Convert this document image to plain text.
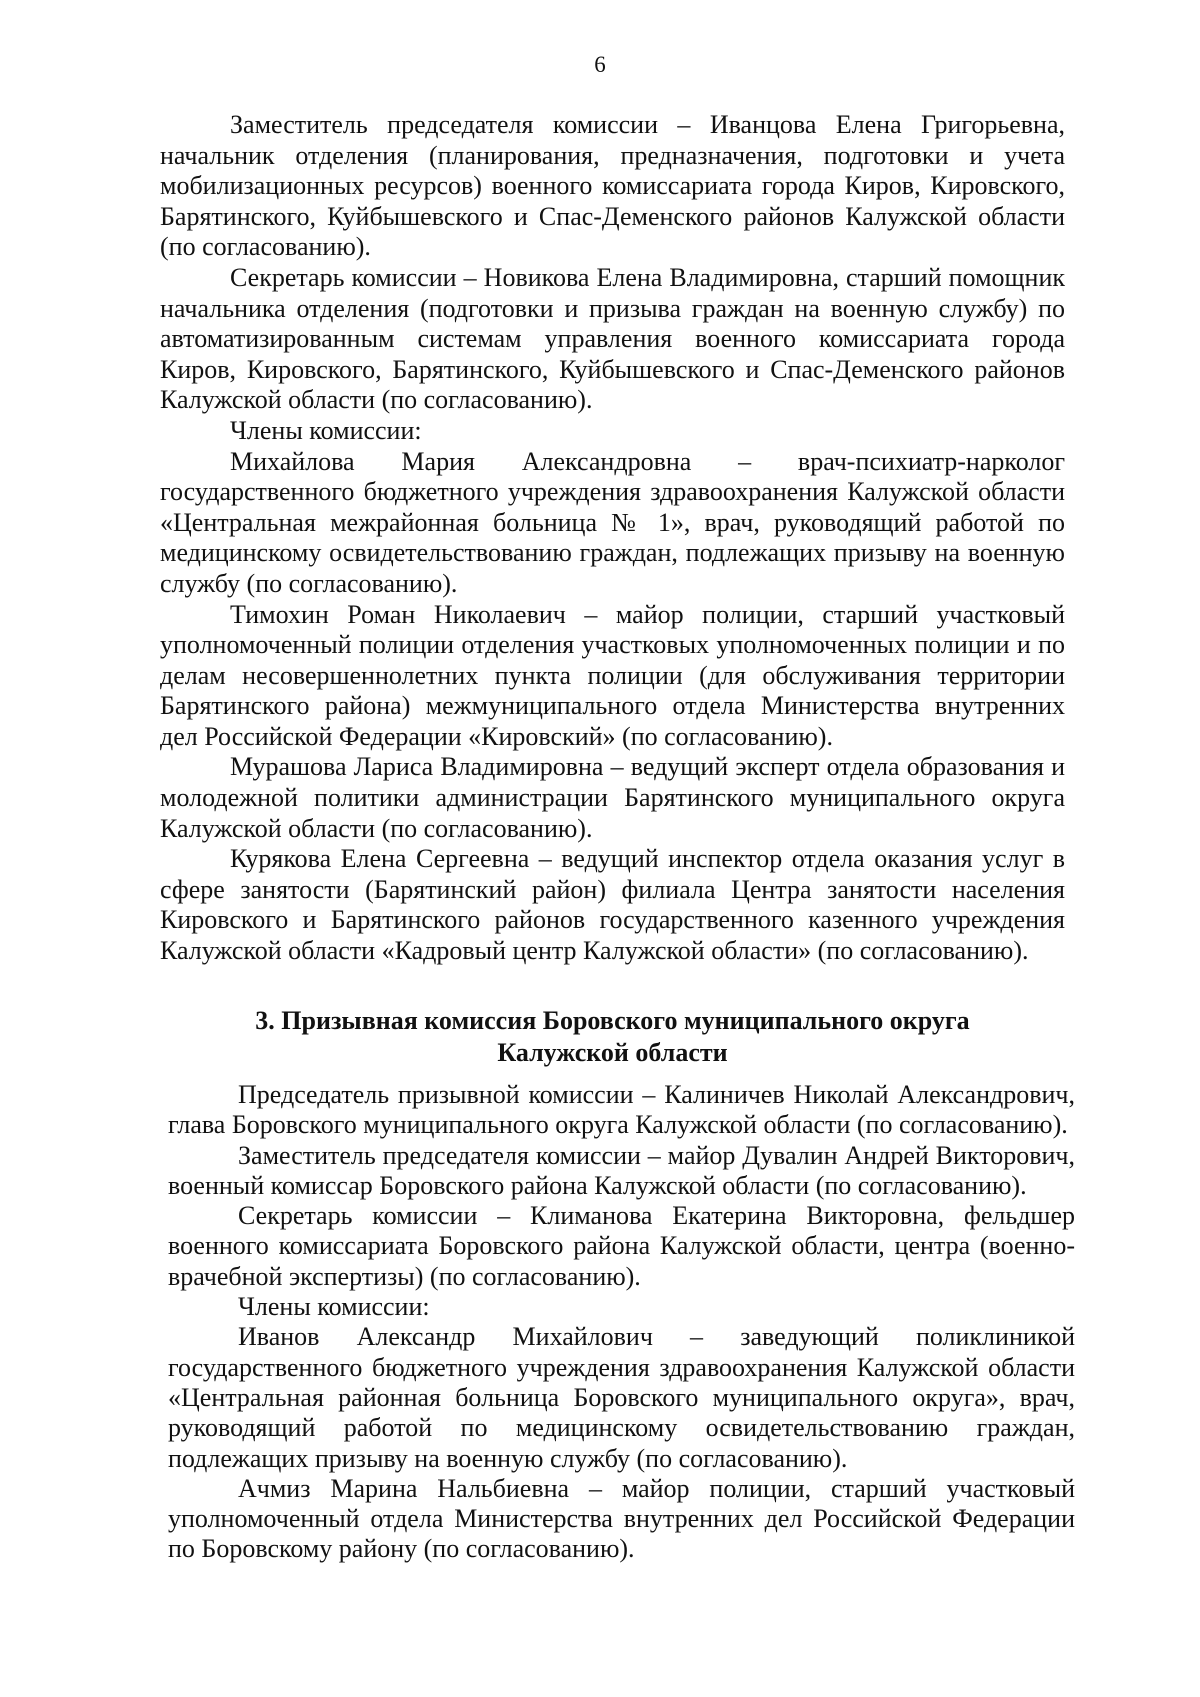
6

Заместитель председателя комиссии – Иванцова Елена Григорьевна, начальник отделения (планирования, предназначения, подготовки и учета мобилизационных ресурсов) военного комиссариата города Киров, Кировского, Барятинского, Куйбышевского и Спас-Деменского районов Калужской области (по согласованию).

Секретарь комиссии – Новикова Елена Владимировна, старший помощник начальника отделения (подготовки и призыва граждан на военную службу) по автоматизированным системам управления военного комиссариата города Киров, Кировского, Барятинского, Куйбышевского и Спас-Деменского районов Калужской области (по согласованию).

Члены комиссии:

Михайлова Мария Александровна – врач-психиатр-нарколог государственного бюджетного учреждения здравоохранения Калужской области «Центральная межрайонная больница № 1», врач, руководящий работой по медицинскому освидетельствованию граждан, подлежащих призыву на военную службу (по согласованию).

Тимохин Роман Николаевич – майор полиции, старший участковый уполномоченный полиции отделения участковых уполномоченных полиции и по делам несовершеннолетних пункта полиции (для обслуживания территории Барятинского района) межмуниципального отдела Министерства внутренних дел Российской Федерации «Кировский» (по согласованию).

Мурашова Лариса Владимировна – ведущий эксперт отдела образования и молодежной политики администрации Барятинского муниципального округа Калужской области (по согласованию).

Курякова Елена Сергеевна – ведущий инспектор отдела оказания услуг в сфере занятости (Барятинский район) филиала Центра занятости населения Кировского и Барятинского районов государственного казенного учреждения Калужской области «Кадровый центр Калужской области» (по согласованию).

3. Призывная комиссия Боровского муниципального округа
Калужской области

Председатель призывной комиссии – Калиничев Николай Александрович, глава Боровского муниципального округа Калужской области (по согласованию).

Заместитель председателя комиссии – майор Дувалин Андрей Викторович, военный комиссар Боровского района Калужской области (по согласованию).

Секретарь комиссии – Климанова Екатерина Викторовна, фельдшер военного комиссариата Боровского района Калужской области, центра (военно-врачебной экспертизы) (по согласованию).

Члены комиссии:

Иванов Александр Михайлович – заведующий поликлиникой государственного бюджетного учреждения здравоохранения Калужской области «Центральная районная больница Боровского муниципального округа», врач, руководящий работой по медицинскому освидетельствованию граждан, подлежащих призыву на военную службу (по согласованию).

Ачмиз Марина Нальбиевна – майор полиции, старший участковый уполномоченный отдела Министерства внутренних дел Российской Федерации по Боровскому району (по согласованию).
